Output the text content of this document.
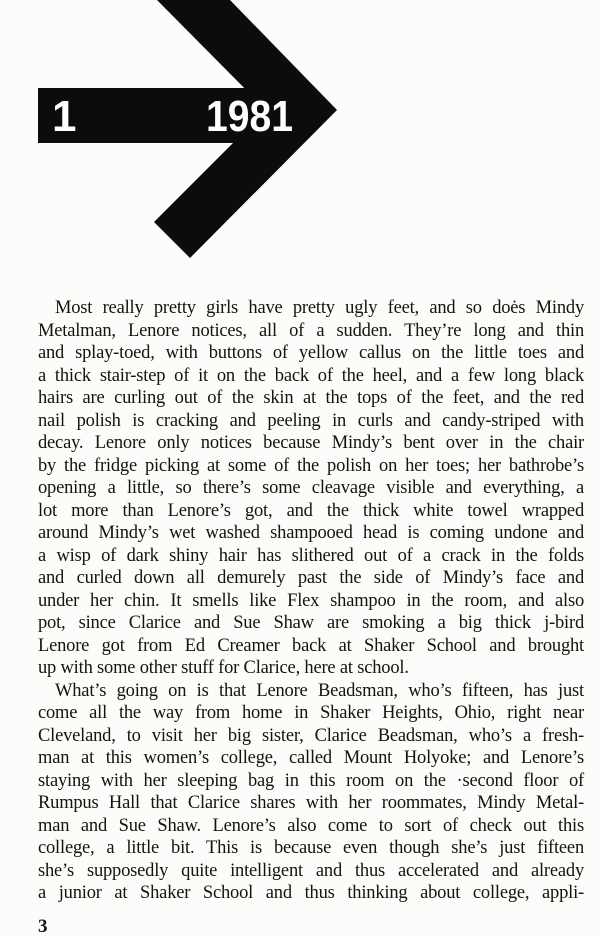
1	1981
Most really pretty girls have pretty ugly feet, and so doės Mindy
Metalman, Lenore notices, all of a sudden. They’re long and thin
and splay-toed, with buttons of yellow callus on the little toes and
a thick stair-step of it on the back of the heel, and a few long black
hairs are curling out of the skin at the tops of the feet, and the red
nail polish is cracking and peeling in curls and candy-striped with
decay. Lenore only notices because Mindy’s bent over in the chair
by the fridge picking at some of the polish on her toes; her bathrobe’s
opening a little, so there’s some cleavage visible and everything, a
lot more than Lenore’s got, and the thick white towel wrapped
around Mindy’s wet washed shampooed head is coming undone and
a wisp of dark shiny hair has slithered out of a crack in the folds
and curled down all demurely past the side of Mindy’s face and
under her chin. It smells like Flex shampoo in the room, and also
pot, since Clarice and Sue Shaw are smoking a big thick j-bird
Lenore got from Ed Creamer back at Shaker School and brought
up with some other stuff for Clarice, here at school.
What’s going on is that Lenore Beadsman, who’s fifteen, has just
come all the way from home in Shaker Heights, Ohio, right near
Cleveland, to visit her big sister, Clarice Beadsman, who’s a fresh-
man at this women’s college, called Mount Holyoke; and Lenore’s
staying with her sleeping bag in this room on the ·second floor of
Rumpus Hall that Clarice shares with her roommates, Mindy Metal-
man and Sue Shaw. Lenore’s also come to sort of check out this
college, a little bit. This is because even though she’s just fifteen
she’s supposedly quite intelligent and thus accelerated and already
a junior at Shaker School and thus thinking about college, appli-
3
